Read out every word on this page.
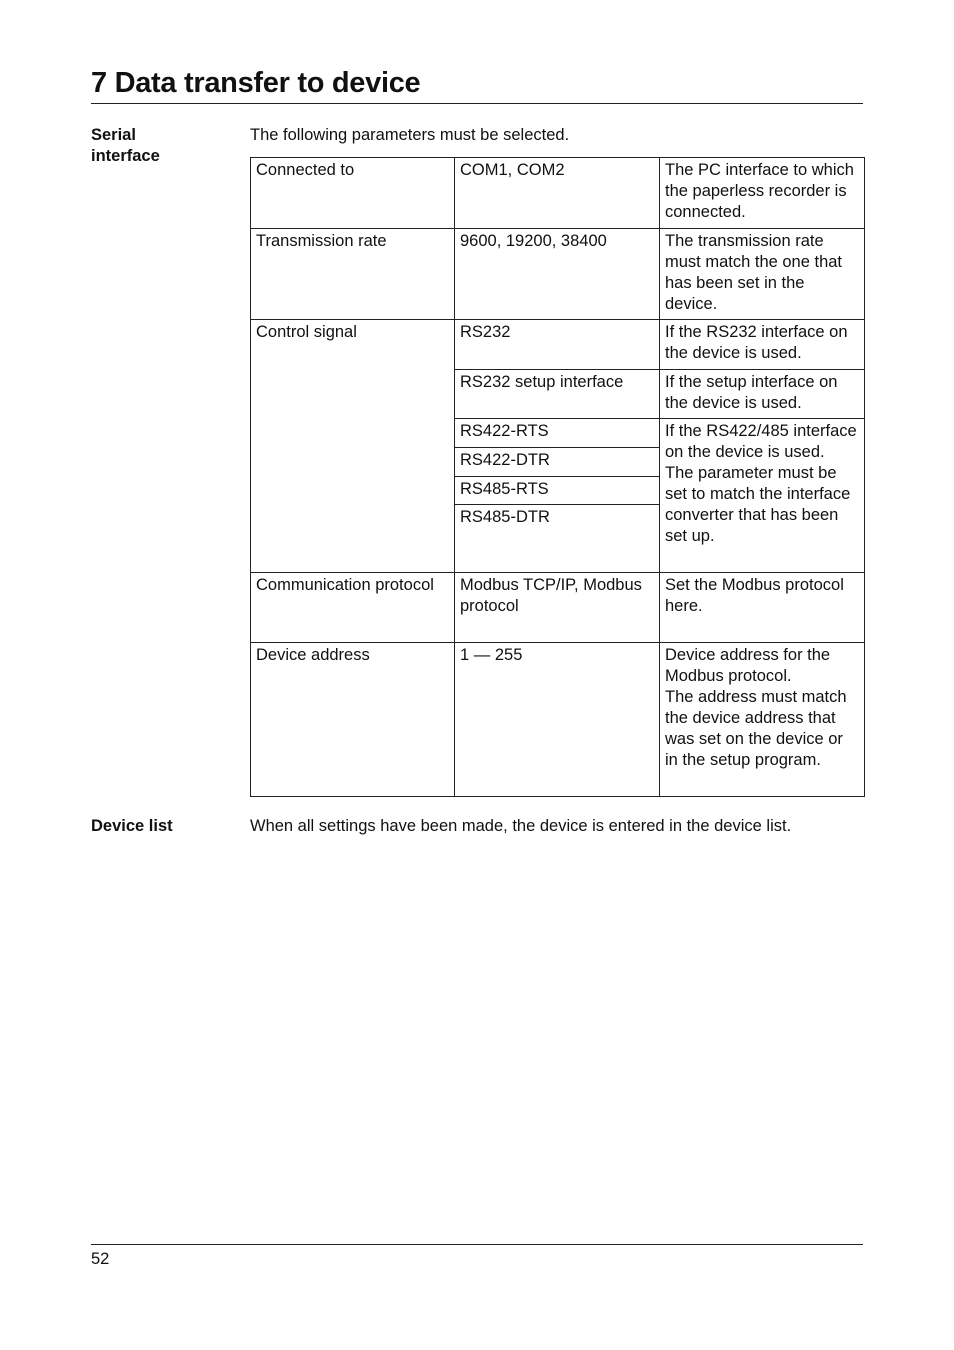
7 Data transfer to device
Serial
interface
The following parameters must be selected.
Connected to	COM1, COM2	The PC interface to which the paperless recorder is connected.
Transmission rate	9600, 19200, 38400	The transmission rate must match the one that has been set in the device.
Control signal	RS232	If the RS232 interface on the device is used.
	RS232 setup interface	If the setup interface on the device is used.
	RS422-RTS	If the RS422/485 interface on the device is used.
The parameter must be set to match the interface converter that has been set up.

	RS422-DTR	
	RS485-RTS	
	RS485-DTR	
Communication protocol	Modbus TCP/IP, Modbus protocol	Set the Modbus protocol here.
Device address	1 — 255	Device address for the Modbus protocol.
The address must match the device address that was set on the device or in the setup program.
Device list	When all settings have been made, the device is entered in the device list.
52
